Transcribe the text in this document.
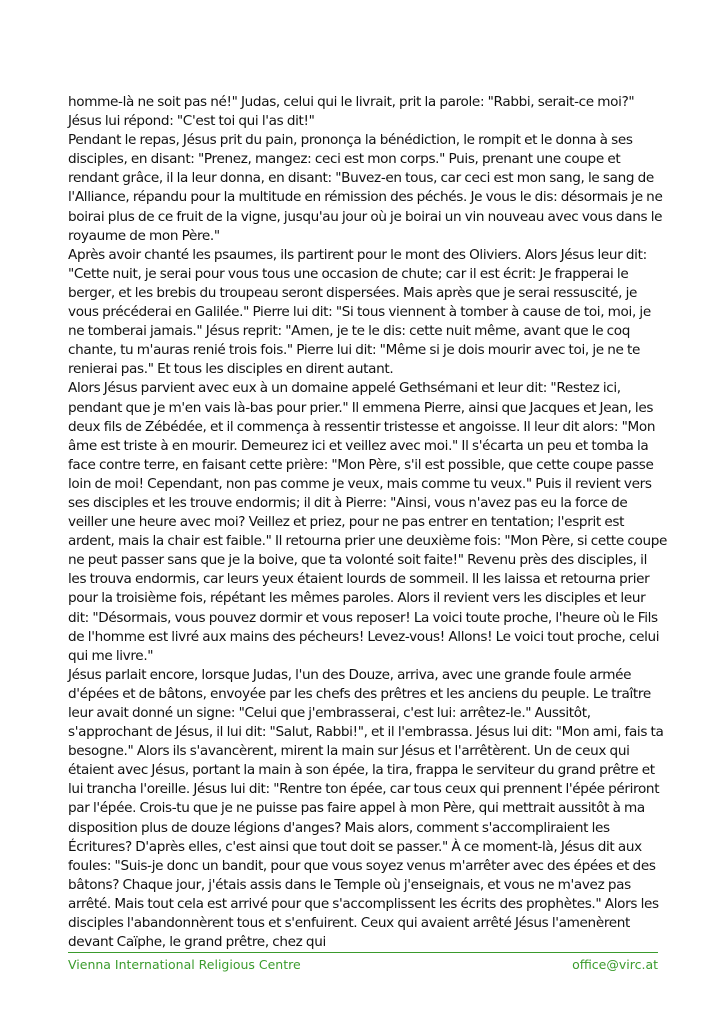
homme-là ne soit pas né!" Judas, celui qui le livrait, prit la parole: "Rabbi, serait-ce moi?" Jésus lui répond: "C'est toi qui l'as dit!"

Pendant le repas, Jésus prit du pain, prononça la bénédiction, le rompit et le donna à ses disciples, en disant: "Prenez, mangez: ceci est mon corps." Puis, prenant une coupe et rendant grâce, il la leur donna, en disant: "Buvez-en tous, car ceci est mon sang, le sang de l'Alliance, répandu pour la multitude en rémission des péchés. Je vous le dis: désormais je ne boirai plus de ce fruit de la vigne, jusqu'au jour où je boirai un vin nouveau avec vous dans le royaume de mon Père."

Après avoir chanté les psaumes, ils partirent pour le mont des Oliviers. Alors Jésus leur dit: "Cette nuit, je serai pour vous tous une occasion de chute; car il est écrit: Je frapperai le berger, et les brebis du troupeau seront dispersées. Mais après que je serai ressuscité, je vous précéderai en Galilée." Pierre lui dit: "Si tous viennent à tomber à cause de toi, moi, je ne tomberai jamais." Jésus reprit: "Amen, je te le dis: cette nuit même, avant que le coq chante, tu m'auras renié trois fois." Pierre lui dit: "Même si je dois mourir avec toi, je ne te renierai pas." Et tous les disciples en dirent autant.

Alors Jésus parvient avec eux à un domaine appelé Gethsémani et leur dit: "Restez ici, pendant que je m'en vais là-bas pour prier." Il emmena Pierre, ainsi que Jacques et Jean, les deux fils de Zébédée, et il commença à ressentir tristesse et angoisse. Il leur dit alors: "Mon âme est triste à en mourir. Demeurez ici et veillez avec moi." Il s'écarta un peu et tomba la face contre terre, en faisant cette prière: "Mon Père, s'il est possible, que cette coupe passe loin de moi! Cependant, non pas comme je veux, mais comme tu veux." Puis il revient vers ses disciples et les trouve endormis; il dit à Pierre: "Ainsi, vous n'avez pas eu la force de veiller une heure avec moi? Veillez et priez, pour ne pas entrer en tentation; l'esprit est ardent, mais la chair est faible." Il retourna prier une deuxième fois: "Mon Père, si cette coupe ne peut passer sans que je la boive, que ta volonté soit faite!" Revenu près des disciples, il les trouva endormis, car leurs yeux étaient lourds de sommeil. Il les laissa et retourna prier pour la troisième fois, répétant les mêmes paroles. Alors il revient vers les disciples et leur dit: "Désormais, vous pouvez dormir et vous reposer! La voici toute proche, l'heure où le Fils de l'homme est livré aux mains des pécheurs! Levez-vous! Allons! Le voici tout proche, celui qui me livre."

Jésus parlait encore, lorsque Judas, l'un des Douze, arriva, avec une grande foule armée d'épées et de bâtons, envoyée par les chefs des prêtres et les anciens du peuple. Le traître leur avait donné un signe: "Celui que j'embrasserai, c'est lui: arrêtez-le." Aussitôt, s'approchant de Jésus, il lui dit: "Salut, Rabbi!", et il l'embrassa. Jésus lui dit: "Mon ami, fais ta besogne." Alors ils s'avancèrent, mirent la main sur Jésus et l'arrêtèrent. Un de ceux qui étaient avec Jésus, portant la main à son épée, la tira, frappa le serviteur du grand prêtre et lui trancha l'oreille. Jésus lui dit: "Rentre ton épée, car tous ceux qui prennent l'épée périront par l'épée. Crois-tu que je ne puisse pas faire appel à mon Père, qui mettrait aussitôt à ma disposition plus de douze légions d'anges? Mais alors, comment s'accompliraient les Écritures? D'après elles, c'est ainsi que tout doit se passer." À ce moment-là, Jésus dit aux foules: "Suis-je donc un bandit, pour que vous soyez venus m'arrêter avec des épées et des bâtons? Chaque jour, j'étais assis dans le Temple où j'enseignais, et vous ne m'avez pas arrêté. Mais tout cela est arrivé pour que s'accomplissent les écrits des prophètes." Alors les disciples l'abandonnèrent tous et s'enfuirent. Ceux qui avaient arrêté Jésus l'amenèrent devant Caïphe, le grand prêtre, chez qui

Vienna International Religious Centre	office@virc.at
